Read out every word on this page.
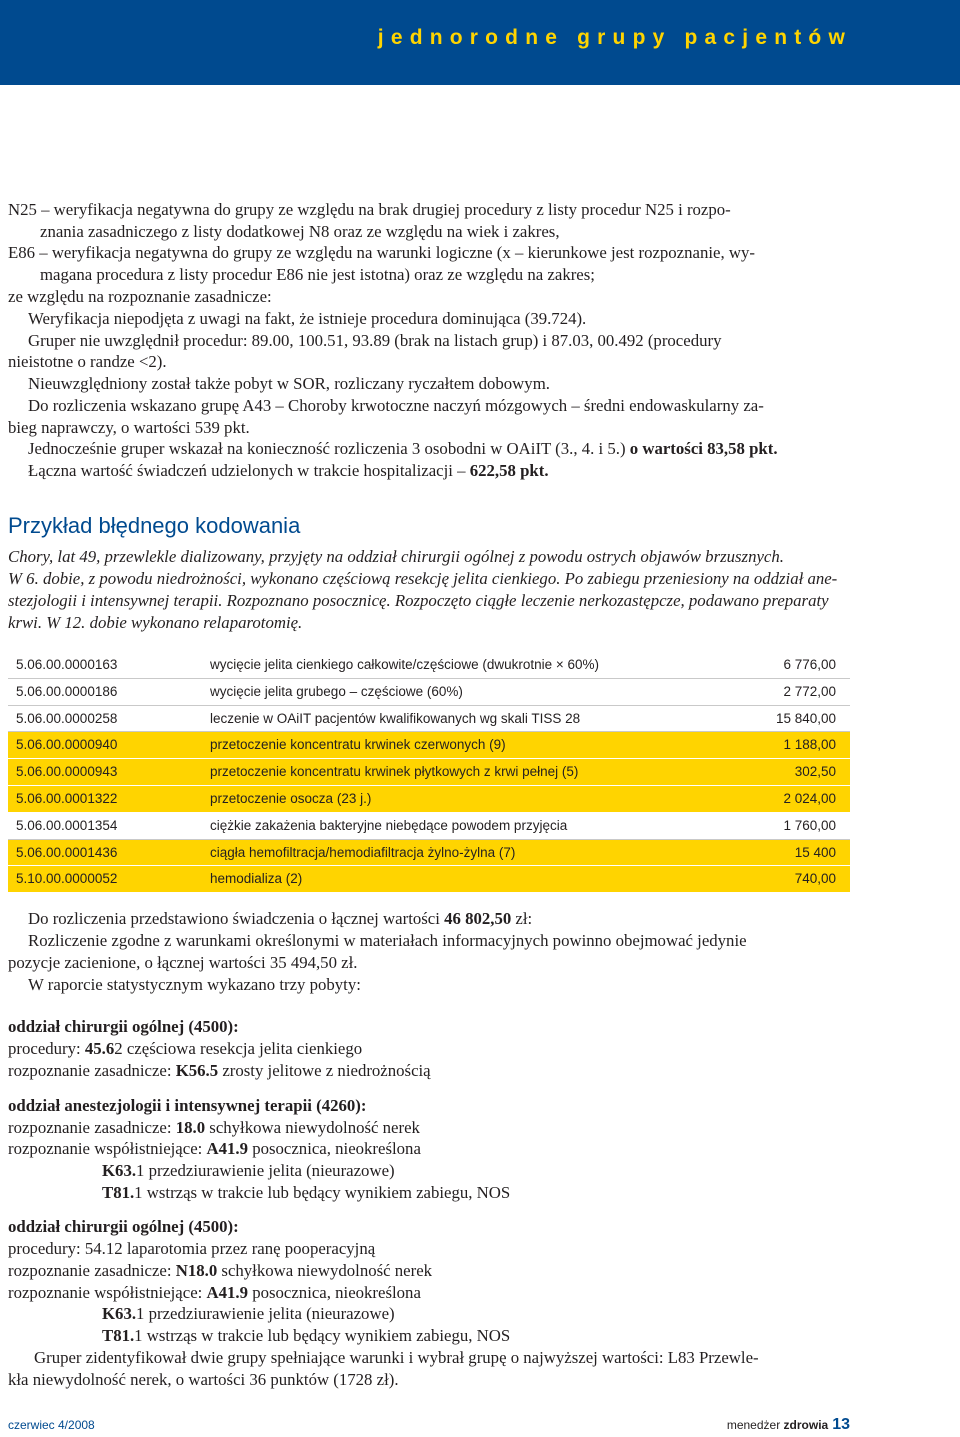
jednorodne grupy pacjentów
N25 – weryfikacja negatywna do grupy ze względu na brak drugiej procedury z listy procedur N25 i rozpo-
znania zasadniczego z listy dodatkowej N8 oraz ze względu na wiek i zakres,
E86 – weryfikacja negatywna do grupy ze względu na warunki logiczne (x – kierunkowe jest rozpoznanie, wy-
magana procedura z listy procedur E86 nie jest istotna) oraz ze względu na zakres;
ze względu na rozpoznanie zasadnicze:
Weryfikacja niepodjęta z uwagi na fakt, że istnieje procedura dominująca (39.724).
Gruper nie uwzględnił procedur: 89.00, 100.51, 93.89 (brak na listach grup) i 87.03, 00.492 (procedury
nieistotne o randze <2).
Nieuwzględniony został także pobyt w SOR, rozliczany ryczałtem dobowym.
Do rozliczenia wskazano grupę A43 – Choroby krwotoczne naczyń mózgowych – średni endowaskularny za-
bieg naprawczy, o wartości 539 pkt.
Jednocześnie gruper wskazał na konieczność rozliczenia 3 osobodni w OAiIT (3., 4. i 5.) o wartości 83,58 pkt.
Łączna wartość świadczeń udzielonych w trakcie hospitalizacji – 622,58 pkt.
Przykład błędnego kodowania
Chory, lat 49, przewlekle dializowany, przyjęty na oddział chirurgii ogólnej z powodu ostrych objawów brzusznych.
W 6. dobie, z powodu niedrożności, wykonano częściową resekcję jelita cienkiego. Po zabiegu przeniesiony na oddział ane-
stezjologii i intensywnej terapii. Rozpoznano posocznicę. Rozpoczęto ciągłe leczenie nerkozastępcze, podawano preparaty
krwi. W 12. dobie wykonano relaparotomię.
5.06.00.0000163	wycięcie jelita cienkiego całkowite/częściowe (dwukrotnie × 60%)	6 776,00
5.06.00.0000186	wycięcie jelita grubego – częściowe (60%)	2 772,00
5.06.00.0000258	leczenie w OAiIT pacjentów kwalifikowanych wg skali TISS 28	15 840,00
5.06.00.0000940	przetoczenie koncentratu krwinek czerwonych (9)	1 188,00
5.06.00.0000943	przetoczenie koncentratu krwinek płytkowych z krwi pełnej (5)	302,50
5.06.00.0001322	przetoczenie osocza (23 j.)	2 024,00
5.06.00.0001354	ciężkie zakażenia bakteryjne niebędące powodem przyjęcia	1 760,00
5.06.00.0001436	ciągła hemofiltracja/hemodiafiltracja żylno-żylna (7)	15 400
5.10.00.0000052	hemodializa (2)	740,00
Do rozliczenia przedstawiono świadczenia o łącznej wartości 46 802,50 zł:
Rozliczenie zgodne z warunkami określonymi w materiałach informacyjnych powinno obejmować jedynie
pozycje zacienione, o łącznej wartości 35 494,50 zł.
W raporcie statystycznym wykazano trzy pobyty:
oddział chirurgii ogólnej (4500):
procedury: 45.62 częściowa resekcja jelita cienkiego
rozpoznanie zasadnicze: K56.5 zrosty jelitowe z niedrożnością
oddział anestezjologii i intensywnej terapii (4260):
rozpoznanie zasadnicze: 18.0 schyłkowa niewydolność nerek
rozpoznanie współistniejące: A41.9 posocznica, nieokreślona
K63.1 przedziurawienie jelita (nieurazowe)
T81.1 wstrząs w trakcie lub będący wynikiem zabiegu, NOS
oddział chirurgii ogólnej (4500):
procedury: 54.12 laparotomia przez ranę pooperacyjną
rozpoznanie zasadnicze: N18.0 schyłkowa niewydolność nerek
rozpoznanie współistniejące: A41.9 posocznica, nieokreślona
K63.1 przedziurawienie jelita (nieurazowe)
T81.1 wstrząs w trakcie lub będący wynikiem zabiegu, NOS
Gruper zidentyfikował dwie grupy spełniające warunki i wybrał grupę o najwyższej wartości: L83 Przewle-
kła niewydolność nerek, o wartości 36 punktów (1728 zł).
czerwiec 4/2008	menedżer zdrowia 13
